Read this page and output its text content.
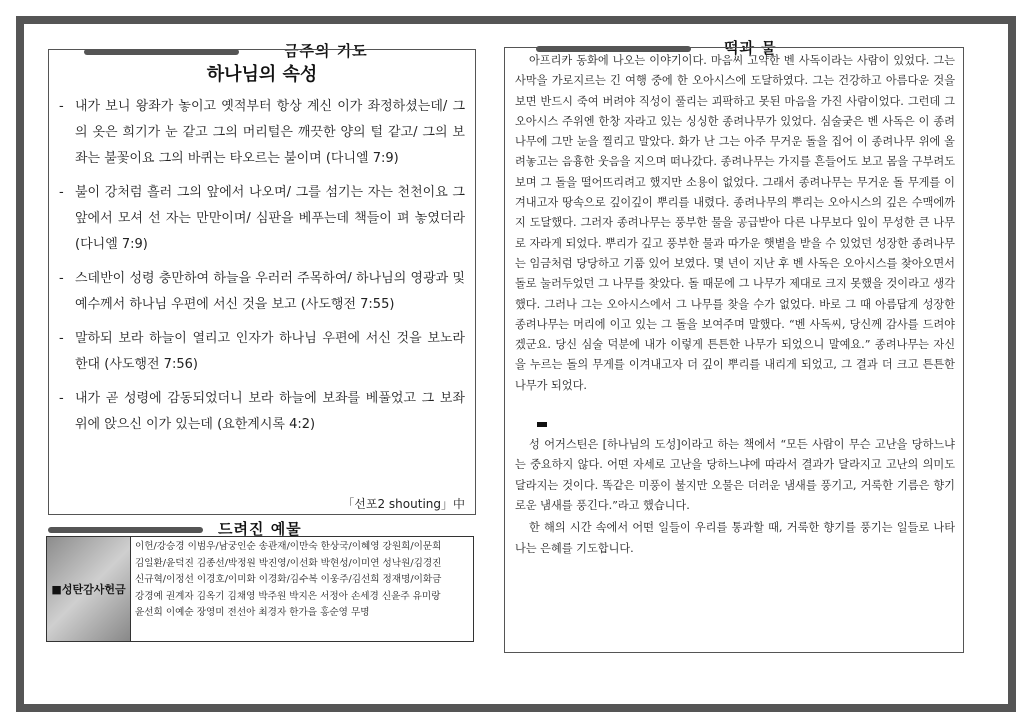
금주의 기도
하나님의 속성
- 내가 보니 왕좌가 놓이고 옛적부터 항상 계신 이가 좌정하셨는데/ 그의 옷은 희기가 눈 같고 그의 머리털은 깨끗한 양의 털 같고/ 그의 보좌는 불꽃이요 그의 바퀴는 타오르는 불이며 (다니엘 7:9)
- 불이 강처럼 흘러 그의 앞에서 나오며/ 그를 섬기는 자는 천천이요 그 앞에서 모셔 선 자는 만만이며/ 심판을 베푸는데 책들이 펴 놓였더라 (다니엘 7:9)
- 스데반이 성령 충만하여 하늘을 우러러 주목하여/ 하나님의 영광과 및 예수께서 하나님 우편에 서신 것을 보고 (사도행전 7:55)
- 말하되 보라 하늘이 열리고 인자가 하나님 우편에 서신 것을 보노라 한대 (사도행전 7:56)
- 내가 곧 성령에 감동되었더니 보라 하늘에 보좌를 베풀었고 그 보좌 위에 앉으신 이가 있는데 (요한계시록 4:2)
「선포2 shouting」中
드려진 예물
■성탄감사헌금
이헌/강승경 이범우/남궁인순 송관재/이만숙 한상국/이혜영 강원희/이문희
김일환/윤덕진 김종선/박정원 박진영/이선화 박현성/이미연 성낙원/김경진
신규혁/이정선 이경호/이미화 이경화/김수복 이웅주/김선희 정재명/이화금
강경예 권계자 김옥기 김채영 박주원 박지은 서정아 손세경 신윤주 유미랑
윤선희 이예순 장영미 전선아 최경자 한가을 홍순영 무명
떡과 물

아프리카 동화에 나오는 이야기이다. 마음씨 고약한 벤 사독이라는 사람이 있었다. 그는 사막을 가로지르는 긴 여행 중에 한 오아시스에 도달하였다. 그는 건강하고 아름다운 것을 보면 반드시 죽여 버려야 직성이 풀리는 괴팍하고 못된 마음을 가진 사람이었다. 그런데 그 오아시스 주위엔 한창 자라고 있는 싱싱한 종려나무가 있었다. 심술궂은 벤 사독은 이 종려나무에 그만 눈을 찔리고 말았다. 화가 난 그는 아주 무거운 돌을 집어 이 종려나무 위에 올려놓고는 음흉한 웃음을 지으며 떠나갔다. 종려나무는 가지를 흔들어도 보고 몸을 구부려도 보며 그 돌을 떨어뜨리려고 했지만 소용이 없었다. 그래서 종려나무는 무거운 돌 무게를 이겨내고자 땅속으로 깊이깊이 뿌리를 내렸다. 종려나무의 뿌리는 오아시스의 깊은 수맥에까지 도달했다. 그러자 종려나무는 풍부한 물을 공급받아 다른 나무보다 잎이 무성한 큰 나무로 자라게 되었다. 뿌리가 깊고 풍부한 물과 따가운 햇볕을 받을 수 있었던 성장한 종려나무는 임금처럼 당당하고 기품 있어 보였다. 몇 년이 지난 후 벤 사독은 오아시스를 찾아오면서 돌로 눌러두었던 그 나무를 찾았다. 돌 때문에 그 나무가 제대로 크지 못했을 것이라고 생각했다. 그러나 그는 오아시스에서 그 나무를 찾을 수가 없었다. 바로 그 때 아름답게 성장한 종려나무는 머리에 이고 있는 그 돌을 보여주며 말했다. “벤 사독씨, 당신께 감사를 드려야겠군요. 당신 심술 덕분에 내가 이렇게 튼튼한 나무가 되었으니 말예요.” 종려나무는 자신을 누르는 돌의 무게를 이겨내고자 더 깊이 뿌리를 내리게 되었고, 그 결과 더 크고 튼튼한 나무가 되었다.

성 어거스틴은 [하나님의 도성]이라고 하는 책에서 “모든 사람이 무슨 고난을 당하느냐는 중요하지 않다. 어떤 자세로 고난을 당하느냐에 따라서 결과가 달라지고 고난의 의미도 달라지는 것이다. 똑같은 미풍이 불지만 오물은 더러운 냄새를 풍기고, 거룩한 기름은 향기로운 냄새를 풍긴다.”라고 했습니다.

한 해의 시간 속에서 어떤 일들이 우리를 통과할 때, 거룩한 향기를 풍기는 일들로 나타나는 은혜를 기도합니다.
